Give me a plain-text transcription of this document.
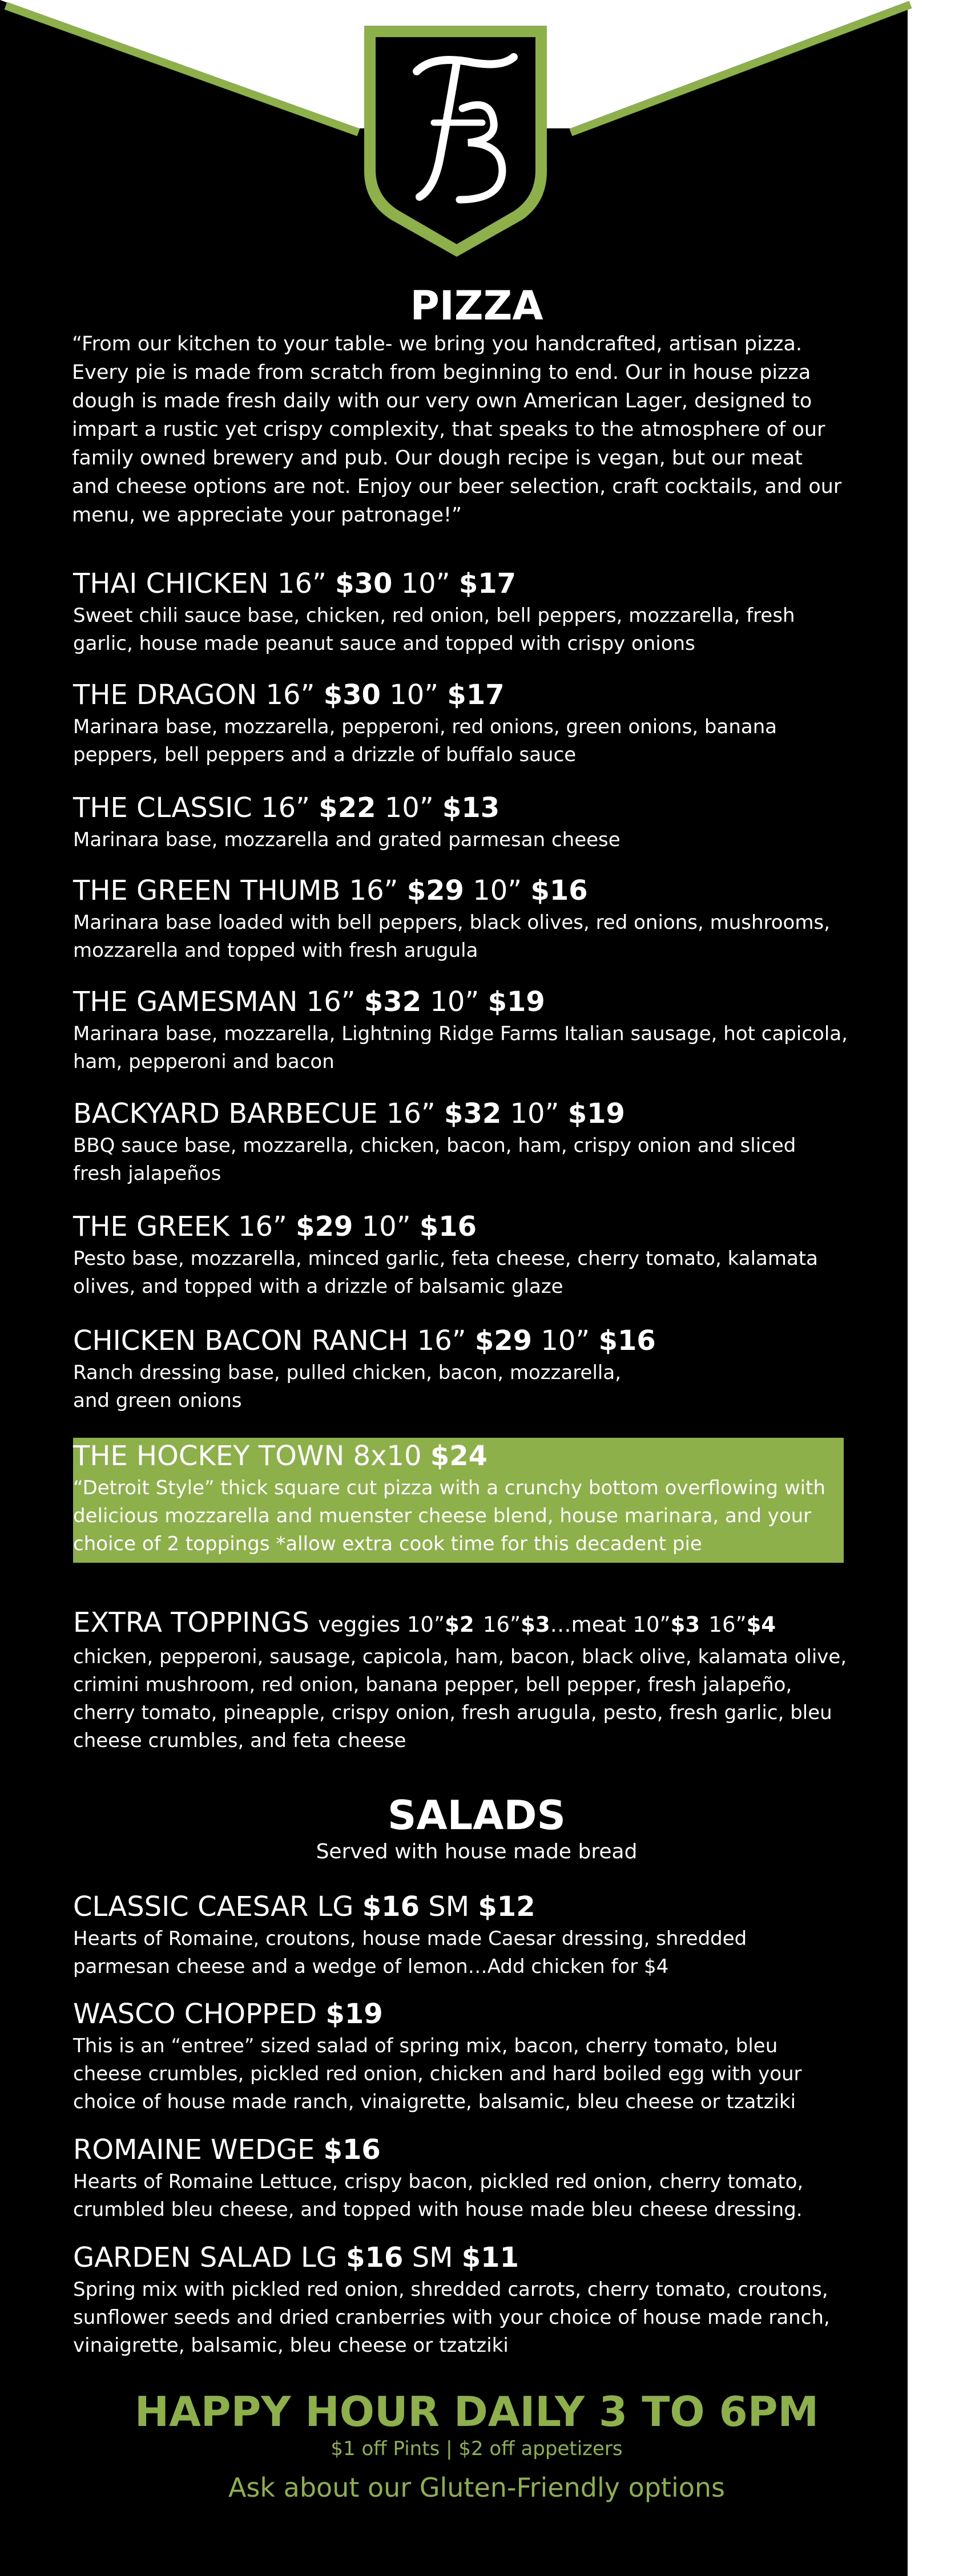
PIZZA
“From our kitchen to your table- we bring you handcrafted, artisan pizza. Every pie is made from scratch from beginning to end. Our in house pizza dough is made fresh daily with our very own American Lager, designed to impart a rustic yet crispy complexity, that speaks to the atmosphere of our family owned brewery and pub. Our dough recipe is vegan, but our meat and cheese options are not. Enjoy our beer selection, craft cocktails, and our menu, we appreciate your patronage!”
THAI CHICKEN 16” $30 10” $17
Sweet chili sauce base, chicken, red onion, bell peppers, mozzarella, fresh garlic, house made peanut sauce and topped with crispy onions
THE DRAGON 16” $30 10” $17
Marinara base, mozzarella, pepperoni, red onions, green onions, banana peppers, bell peppers and a drizzle of buffalo sauce
THE CLASSIC 16” $22 10” $13
Marinara base, mozzarella and grated parmesan cheese
THE GREEN THUMB 16” $29 10” $16
Marinara base loaded with bell peppers, black olives, red onions, mushrooms, mozzarella and topped with fresh arugula
THE GAMESMAN 16” $32 10” $19
Marinara base, mozzarella, Lightning Ridge Farms Italian sausage, hot capicola, ham, pepperoni and bacon
BACKYARD BARBECUE 16” $32 10” $19
BBQ sauce base, mozzarella, chicken, bacon, ham, crispy onion and sliced fresh jalapeños
THE GREEK 16” $29 10” $16
Pesto base, mozzarella, minced garlic, feta cheese, cherry tomato, kalamata olives, and topped with a drizzle of balsamic glaze
CHICKEN BACON RANCH 16” $29 10” $16
Ranch dressing base, pulled chicken, bacon, mozzarella, and green onions
THE HOCKEY TOWN 8x10 $24
“Detroit Style” thick square cut pizza with a crunchy bottom overflowing with delicious mozzarella and muenster cheese blend, house marinara, and your choice of 2 toppings *allow extra cook time for this decadent pie
EXTRA TOPPINGS veggies 10”$2 16”$3…meat 10”$3 16”$4
chicken, pepperoni, sausage, capicola, ham, bacon, black olive, kalamata olive, crimini mushroom, red onion, banana pepper, bell pepper, fresh jalapeño, cherry tomato, pineapple, crispy onion, fresh arugula, pesto, fresh garlic, bleu cheese crumbles, and feta cheese
SALADS
Served with house made bread
CLASSIC CAESAR LG $16 SM $12
Hearts of Romaine, croutons, house made Caesar dressing, shredded parmesan cheese and a wedge of lemon…Add chicken for $4
WASCO CHOPPED $19
This is an “entree” sized salad of spring mix, bacon, cherry tomato, bleu cheese crumbles, pickled red onion, chicken and hard boiled egg with your choice of house made ranch, vinaigrette, balsamic, bleu cheese or tzatziki
ROMAINE WEDGE $16
Hearts of Romaine Lettuce, crispy bacon, pickled red onion, cherry tomato, crumbled bleu cheese, and topped with house made bleu cheese dressing.
GARDEN SALAD LG $16 SM $11
Spring mix with pickled red onion, shredded carrots, cherry tomato, croutons, sunflower seeds and dried cranberries with your choice of house made ranch, vinaigrette, balsamic, bleu cheese or tzatziki
HAPPY HOUR DAILY 3 TO 6PM
$1 off Pints | $2 off appetizers
Ask about our Gluten-Friendly options
